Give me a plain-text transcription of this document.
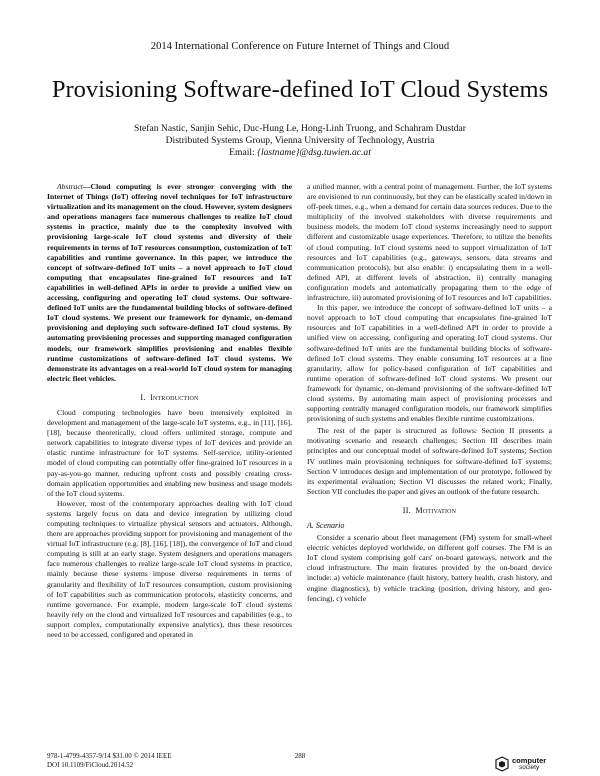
2014 International Conference on Future Internet of Things and Cloud
Provisioning Software-defined IoT Cloud Systems
Stefan Nastic, Sanjin Sehic, Duc-Hung Le, Hong-Linh Truong, and Schahram Dustdar
Distributed Systems Group, Vienna University of Technology, Austria
Email: {lastname}@dsg.tuwien.ac.at

Abstract—Cloud computing is ever stronger converging with the Internet of Things (IoT) offering novel techniques for IoT infrastructure virtualization and its management on the cloud. However, system designers and operations managers face numerous challenges to realize IoT cloud systems in practice, mainly due to the complexity involved with provisioning large-scale IoT cloud systems and diversity of their requirements in terms of IoT resources consumption, customization of IoT capabilities and runtime governance. In this paper, we introduce the concept of software-defined IoT units – a novel approach to IoT cloud computing that encapsulates fine-grained IoT resources and IoT capabilities in well-defined APIs in order to provide a unified view on accessing, configuring and operating IoT cloud systems. Our software-defined IoT units are the fundamental building blocks of software-defined IoT cloud systems. We present our framework for dynamic, on-demand provisioning and deploying such software-defined IoT cloud systems. By automating provisioning processes and supporting managed configuration models, our framework simplifies provisioning and enables flexible runtime customizations of software-defined IoT cloud systems. We demonstrate its advantages on a real-world IoT cloud system for managing electric fleet vehicles.

I. Introduction

Cloud computing technologies have been intensively exploited in development and management of the large-scale IoT systems, e.g., in [11], [16], [18], because theoretically, cloud offers unlimited storage, compute and network capabilities to integrate diverse types of IoT devices and provide an elastic runtime infrastructure for IoT systems. Self-service, utility-oriented model of cloud computing can potentially offer fine-grained IoT resources in a pay-as-you-go manner, reducing upfront costs and possibly creating cross-domain application opportunities and enabling new business and usage models of the IoT cloud systems.

However, most of the contemporary approaches dealing with IoT cloud systems largely focus on data and device integration by utilizing cloud computing techniques to virtualize physical sensors and actuators. Although, there are approaches providing support for provisioning and management of the virtual IoT infrastructure (e.g. [8], [16], [18]), the convergence of IoT and cloud computing is still at an early stage. System designers and operations managers face numerous challenges to realize large-scale IoT cloud systems in practice, mainly because these systems impose diverse requirements in terms of granularity and flexibility of IoT resources consumption, custom provisioning of IoT capabilities such as communication protocols, elasticity concerns, and runtime governance. For example, modern large-scale IoT cloud systems heavily rely on the cloud and virtualized IoT resources and capabilities (e.g., to support complex, computationally expensive analytics), thus these resources need to be accessed, configured and operated in

a unified manner, with a central point of management. Further, the IoT systems are envisioned to run continuously, but they can be elastically scaled in/down in off-peek times, e.g., when a demand for certain data sources reduces. Due to the multiplicity of the involved stakeholders with diverse requirements and business models, the modern IoT cloud systems increasingly need to support different and customizable usage experiences. Therefore, to utilize the benefits of cloud computing, IoT cloud systems need to support virtualization of IoT resources and IoT capabilities (e.g., gateways, sensors, data streams and communication protocols), but also enable: i) encapsulating them in a well-defined API, at different levels of abstraction, ii) centrally managing configuration models and automatically propagating them to the edge of infrastructure, iii) automated provisioning of IoT resources and IoT capabilities.

In this paper, we introduce the concept of software-defined IoT units – a novel approach to IoT cloud computing that encapsulates fine-grained IoT resources and IoT capabilities in a well-defined API in order to provide a unified view on accessing, configuring and operating IoT cloud systems. Our software-defined IoT units are the fundamental building blocks of software-defined IoT cloud systems. They enable consuming IoT resources at a fine granularity, allow for policy-based configuration of IoT capabilities and runtime operation of software-defined IoT cloud systems. We present our framework for dynamic, on-demand provisioning of the software-defined IoT cloud systems. By automating main aspect of provisioning processes and supporting centrally managed configuration models, our framework simplifies provisioning of such systems and enables flexible runtime customizations.

The rest of the paper is structured as follows: Section II presents a motivating scenario and research challenges; Section III describes main principles and our conceptual model of software-defined IoT systems; Section IV outlines main provisioning techniques for software-defined IoT systems; Section V introduces design and implementation of our prototype, followed by its experimental evaluation; Section VI discusses the related work; Finally, Section VII concludes the paper and gives an outlook of the future research.

II. Motivation
A. Scenario

Consider a scenario about fleet management (FM) system for small-wheel electric vehicles deployed worldwide, on different golf courses. The FM is an IoT cloud system comprising golf cars' on-board gateways, network and the cloud infrastructure. The main features provided by the on-board device include: a) vehicle maintenance (fault history, battery health, crash history, and engine diagnostics), b) vehicle tracking (position, driving history, and geo-fencing), c) vehicle

978-1-4799-4357-9/14 $31.00 © 2014 IEEE
DOI 10.1109/FiCloud.2014.52
288	computer
society
